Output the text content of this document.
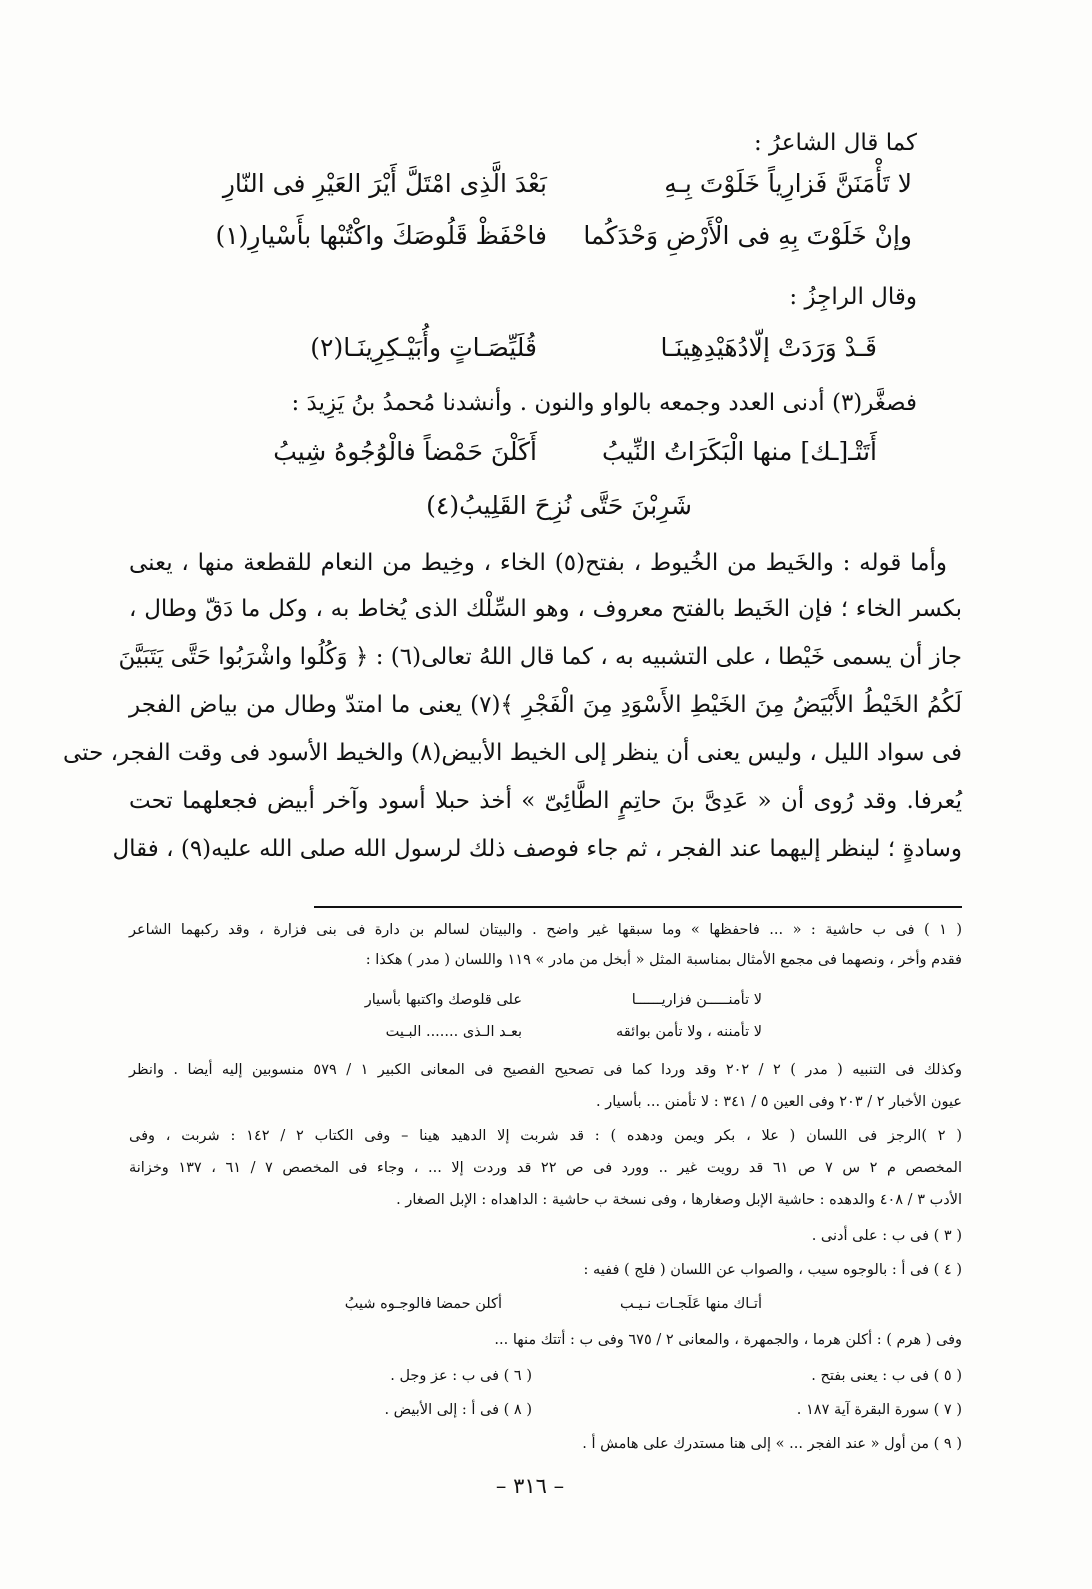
كما قال الشاعرُ :
لا تَأْمَنَنَّ فَزارِياً خَلَوْتَ بِـهِ
بَعْدَ الَّذِى امْتَلَّ أَيْرَ العَيْرِ فى النّارِ
وإنْ خَلَوْتَ بِهِ فى الْأَرْضِ وَحْدَكُما
فاحْفَظْ قَلُوصَكَ واكْتُبْها بأَسْيارِ(١)
وقال الراجِزُ :
قَـدْ وَرَدَتْ إلّادُهَيْدِهِينَـا
قُلَيِّصَـاتٍ وأُبَيْـكِرِينَـا(٢)
فصغَّر(٣) أدنى العدد وجمعه بالواو والنون . وأنشدنا مُحمدُ بنُ يَزِيدَ :
أَتَتْـ[ـك] منها الْبَكَرَاتُ النِّيبُ
أَكَلْنَ حَمْضاً فالْوُجُوهُ شِيبُ
شَرِبْنَ حَتَّى نُزِحَ القَلِيبُ(٤)
وأما قوله : والخَيط من الخُيوط ، بفتح(٥) الخاء ، وخِيط من النعام للقطعة منها ، يعنى
بكسر الخاء ؛ فإن الخَيط بالفتح معروف ، وهو السِّلْك الذى يُخاط به ، وكل ما دَقّ وطال ،
جاز أن يسمى خَيْطا ، على التشبيه به ، كما قال اللهُ تعالى(٦) : ﴿ وَكُلُوا واشْرَبُوا حَتَّى يَتَبَيَّنَ
لَكُمُ الخَيْطُ الأَبْيَضُ مِنَ الخَيْطِ الأَسْوَدِ مِنَ الْفَجْرِ ﴾(٧) يعنى ما امتدّ وطال من بياض الفجر
فى سواد الليل ، وليس يعنى أن ينظر إلى الخيط الأبيض(٨) والخيط الأسود فى وقت الفجر، حتى
يُعرفا. وقد رُوى أن « عَدِىَّ بنَ حاتِمٍ الطَّائِىّ » أخذ حبلا أسود وآخر أبيض فجعلهما تحت
وسادةٍ ؛ لينظر إليهما عند الفجر ، ثم جاء فوصف ذلك لرسول الله صلى الله عليه(٩) ، فقال
( ١ ) فى ب حاشية : « ... فاحفظها » وما سبقها غير واضح . والبيتان لسالم بن دارة فى بنى فزارة ، وقد ركبهما الشاعر
فقدم وأخر ، ونصهما فى مجمع الأمثال بمناسبة المثل « أبخل من مادر » ١١٩ واللسان ( مدر ) هكذا :
لا تأمنـــــن فزاريــــــا
على قلوصك واكتبها بأسيار
لا تأمننه ، ولا تأمن بوائقه
بعـد الـذى ....... البـيت
وكذلك فى التنبيه ( مدر ) ٢ / ٢٠٢ وقد وردا كما فى تصحيح الفصيح فى المعانى الكبير ١ / ٥٧٩ منسوبين إليه أيضا . وانظر
عيون الأخبار ٢ / ٢٠٣ وفى العين ٥ / ٣٤١ : لا تأمنن ... بأسيار .
( ٢ )الرجز فى اللسان ( علا ، بكر ويمن ودهده ) : قد شربت إلا الدهيد هينا – وفى الكتاب ٢ / ١٤٢ : شربت ، وفى
المخصص م ٢ س ٧ ص ٦١ قد رويت غير .. وورد فى ص ٢٢ قد وردت إلا ... ، وجاء فى المخصص ٧ / ٦١ ، ١٣٧ وخزانة
الأدب ٣ / ٤٠٨ والدهده : حاشية الإبل وصغارها ، وفى نسخة ب حاشية : الداهداه : الإبل الصغار .
( ٣ ) فى ب : على أدنى .
( ٤ ) فى أ : بالوجوه سيب ، والصواب عن اللسان ( فلج ) ففيه :
أتـاك منها عَلَجـات نـيـب
أكلن حمضا فالوجـوه شيبُ
وفى ( هرم ) : أكلن هرما ، والجمهرة ، والمعانى ٢ / ٦٧٥ وفى ب : أتتك منها ...
( ٥ ) فى ب : يعنى بفتح .
( ٦ ) فى ب : عز وجل .
( ٧ ) سورة البقرة آية ١٨٧ .
( ٨ ) فى أ : إلى الأبيض .
( ٩ ) من أول « عند الفجر ... » إلى هنا مستدرك على هامش أ .
– ٣١٦ –
